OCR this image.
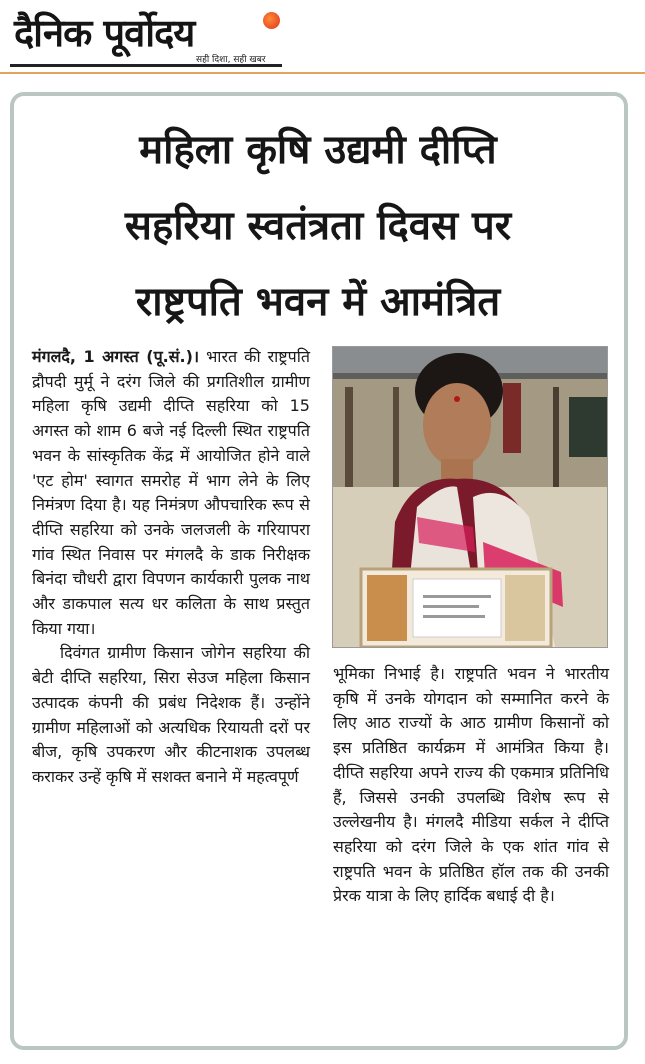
दैनिक पूर्वोदय
सही दिशा, सही खबर
महिला कृषि उद्यमी दीप्ति
सहरिया स्वतंत्रता दिवस पर
राष्ट्रपति भवन में आमंत्रित

मंगलदै, 1 अगस्त (पू.सं.)। भारत की राष्ट्रपति द्रौपदी मुर्मू ने दरंग जिले की प्रगतिशील ग्रामीण महिला कृषि उद्यमी दीप्ति सहरिया को 15 अगस्त को शाम 6 बजे नई दिल्ली स्थित राष्ट्रपति भवन के सांस्कृतिक केंद्र में आयोजित होने वाले 'एट होम' स्वागत समरोह में भाग लेने के लिए निमंत्रण दिया है। यह निमंत्रण औपचारिक रूप से दीप्ति सहरिया को उनके जलजली के गरियापरा गांव स्थित निवास पर मंगलदै के डाक निरीक्षक बिनंदा चौधरी द्वारा विपणन कार्यकारी पुलक नाथ और डाकपाल सत्य धर कलिता के साथ प्रस्तुत किया गया।

दिवंगत ग्रामीण किसान जोगेन सहरिया की बेटी दीप्ति सहरिया, सिरा सेउज महिला किसान उत्पादक कंपनी की प्रबंध निदेशक हैं। उन्होंने ग्रामीण महिलाओं को अत्यधिक रियायती दरों पर बीज, कृषि उपकरण और कीटनाशक उपलब्ध कराकर उन्हें कृषि में सशक्त बनाने में महत्वपूर्ण

भूमिका निभाई है। राष्ट्रपति भवन ने भारतीय कृषि में उनके योगदान को सम्मानित करने के लिए आठ राज्यों के आठ ग्रामीण किसानों को इस प्रतिष्ठित कार्यक्रम में आमंत्रित किया है। दीप्ति सहरिया अपने राज्य की एकमात्र प्रतिनिधि हैं, जिससे उनकी उपलब्धि विशेष रूप से उल्लेखनीय है। मंगलदै मीडिया सर्कल ने दीप्ति सहरिया को दरंग जिले के एक शांत गांव से राष्ट्रपति भवन के प्रतिष्ठित हॉल तक की उनकी प्रेरक यात्रा के लिए हार्दिक बधाई दी है।
